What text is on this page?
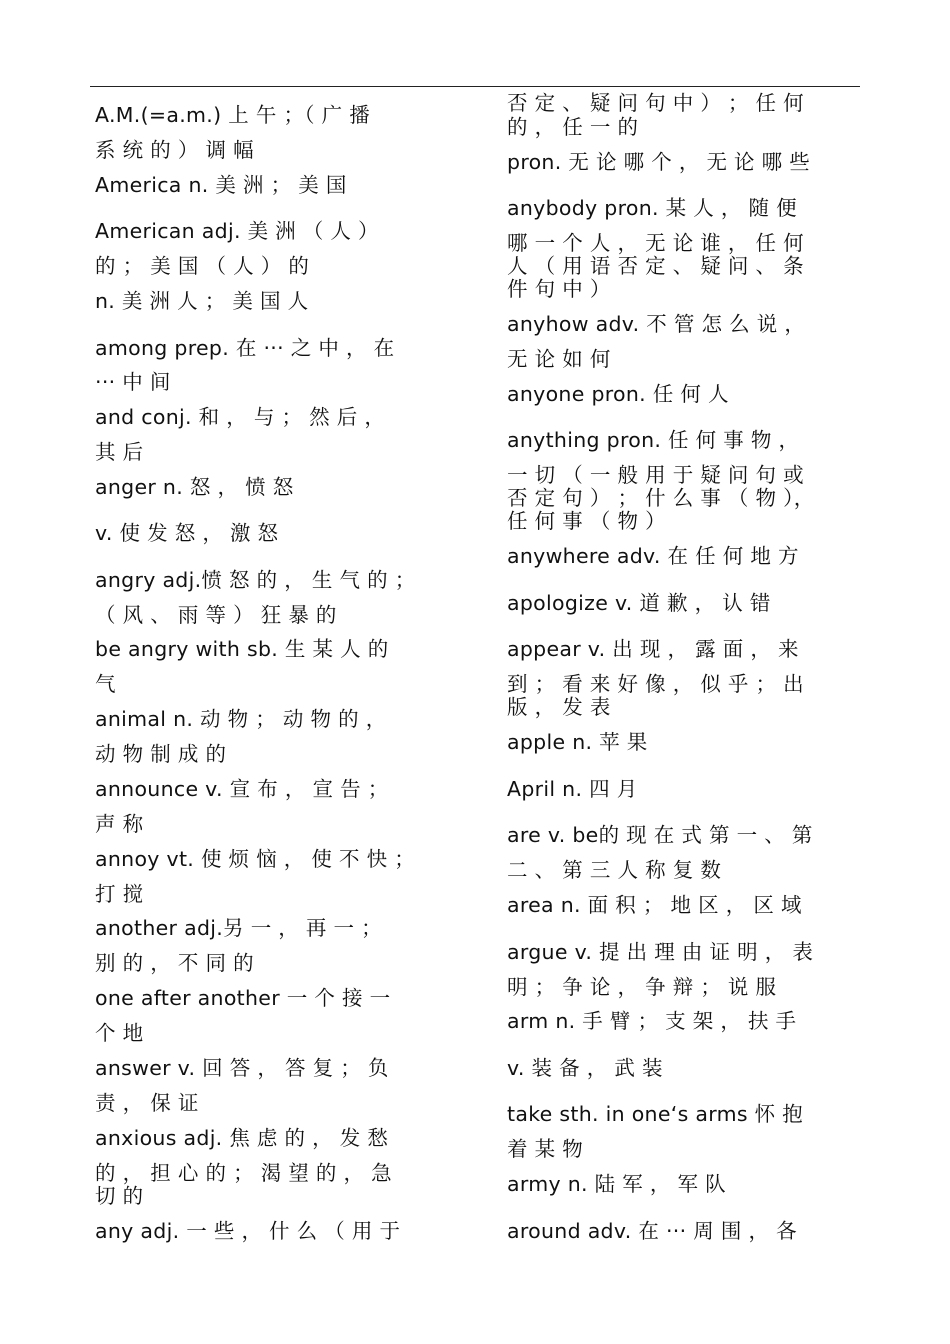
A.M.(=a.m.) 上 午 ；（ 广 播
系 统 的 ） 调 幅
America n. 美 洲 ； 美 国
American adj. 美 洲 （ 人 ）
的 ； 美 国 （ 人 ） 的
n. 美 洲 人 ； 美 国 人
among prep. 在 ··· 之 中 ， 在
··· 中 间
and conj. 和 ， 与 ； 然 后 ，
其 后
anger n. 怒 ， 愤 怒
v. 使 发 怒 ， 激 怒
angry adj.愤 怒 的 ， 生 气 的 ；
（ 风 、 雨 等 ） 狂 暴 的
be angry with sb. 生 某 人 的
气
animal n. 动 物 ； 动 物 的 ，
动 物 制 成 的
announce v. 宣 布 ， 宣 告 ；
声 称
annoy vt. 使 烦 恼 ， 使 不 快 ；
打 搅
another adj.另 一 ， 再 一 ；
别 的 ， 不 同 的
one after another 一 个 接 一
个 地
answer v. 回 答 ， 答 复 ； 负
责 ， 保 证
anxious adj. 焦 虑 的 ， 发 愁
的 ， 担 心 的 ； 渴 望 的 ， 急
切 的
any adj. 一 些 ， 什 么 （ 用 于
否 定 、 疑 问 句 中 ） ； 任 何
的 ， 任 一 的
pron. 无 论 哪 个 ， 无 论 哪 些
anybody pron. 某 人 ， 随 便
哪 一 个 人 ， 无 论 谁 ， 任 何
人 （ 用 语 否 定 、 疑 问 、 条
件 句 中 ）
anyhow adv. 不 管 怎 么 说 ，
无 论 如 何
anyone pron. 任 何 人
anything pron. 任 何 事 物 ，
一 切 （ 一 般 用 于 疑 问 句 或
否 定 句 ） ； 什 么 事 （ 物 ），
任 何 事 （ 物 ）
anywhere adv. 在 任 何 地 方
apologize v. 道 歉 ， 认 错
appear v. 出 现 ， 露 面 ， 来
到 ； 看 来 好 像 ， 似 乎 ； 出
版 ， 发 表
apple n. 苹 果
April n. 四 月
are v. be的 现 在 式 第 一 、 第
二 、 第 三 人 称 复 数
area n. 面 积 ； 地 区 ， 区 域
argue v. 提 出 理 由 证 明 ， 表
明 ； 争 论 ， 争 辩 ； 说 服
arm n. 手 臂 ； 支 架 ， 扶 手
v. 装 备 ， 武 装
take sth. in one‘s arms 怀 抱
着 某 物
army n. 陆 军 ， 军 队
around adv. 在 ··· 周 围 ， 各
